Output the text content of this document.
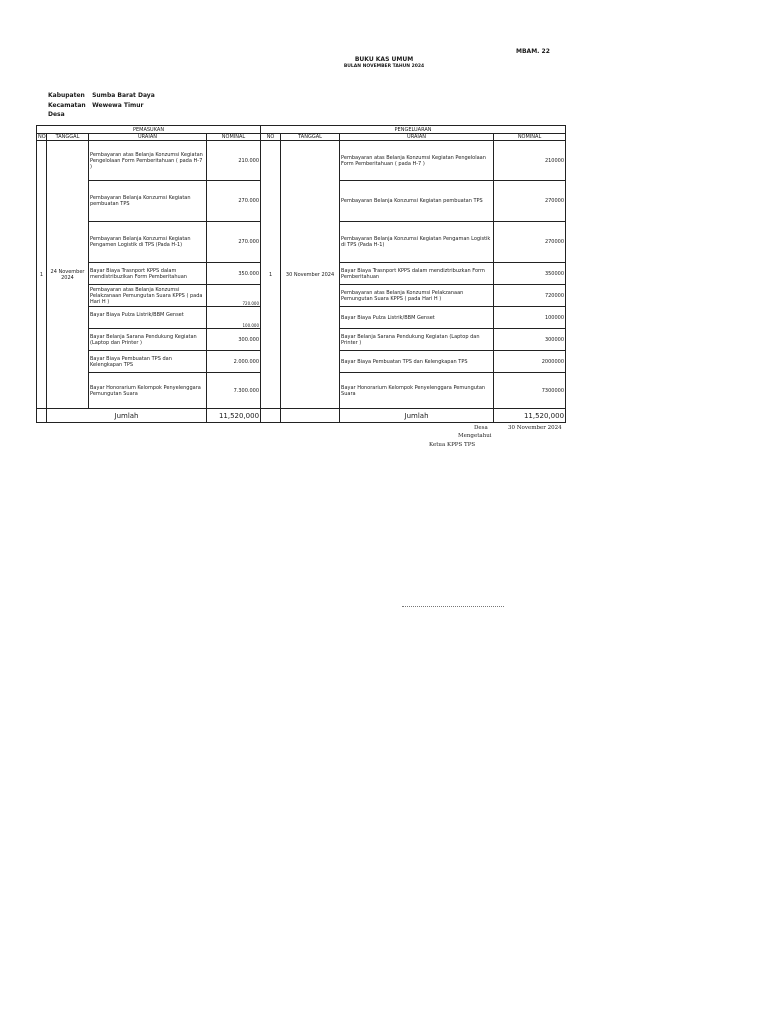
MBAM. 22
BUKU KAS UMUM
BULAN NOVEMBER TAHUN 2024
Kabupaten Sumba Barat Daya
Kecamatan Wewewa Timur
Desa
PEMASUKAN				PENGELUARAN			
NO	TANGGAL	URAIAN	NOMINAL	NO	TANGGAL	URAIAN	NOMINAL
1	24 November 2024	Pembayaran atas Belanja Konzumsi Kegiatan Pengelolaan Form Pemberitahuan ( pada H-7 )	210.000	1	30 November 2024	Pembayaran atas Belanja Konzumsi Kegiatan Pengelolaan Form Pemberitahuan ( pada H-7 )	210000
		Pembayaran Belanja Konzumsi Kegiatan pembuatan TPS	270.000			Pembayaran Belanja Konzumsi Kegiatan pembuatan TPS	270000
		Pembayaran Belanja Konzumsi Kegiatan Pengamen Logistik di TPS (Pada H-1)	270.000			Pembayaran Belanja Konzumsi Kegiatan Pengaman Logistik di TPS (Pada H-1)	270000
		Bayar Biaya Trasnport KPPS dalam mendistribuzikan Form Pemberitahuan	350.000			Bayar Biaya Trasnport KPPS dalam mendiztribuzkan Form Pemberitahuan	350000
		Pembayaran atas Belanja Konzumsi Pelakzanaan Pemungutan Suara KPPS ( pada Hari H )	720.000			Pembayaran atas Belanja Konzumsi Pelakzanaan Pemungutan Suara KPPS ( pada Hari H )	720000
		Bayar Biaya Pulza Listrik/BBM Genset	100.000			Bayar Biaya Pulza Listrik/BBM Genset	100000
		Bayar Belanja Sarana Pendukung Kegiatan (Laptop dan Printer )	300.000			Bayar Belanja Sarana Pendukung Kegiatan (Laptop dan Printer )	300000
		Bayar Biaya Pembuatan TPS dan Kelengkapan TPS	2.000.000			Bayar Biaya Pembuatan TPS dan Kelengkapan TPS	2000000
		Bayar Honorarium Kelompok Penyelenggara Pemungutan Suara	7.300.000			Bayar Honorarium Kelompok Penyelenggara Pemungutan Suara	7300000
	Jumlah		11,520,000			Jumlah	11,520,000
Desa	30 November 2024
Mengetahui
Ketua KPPS TPS
